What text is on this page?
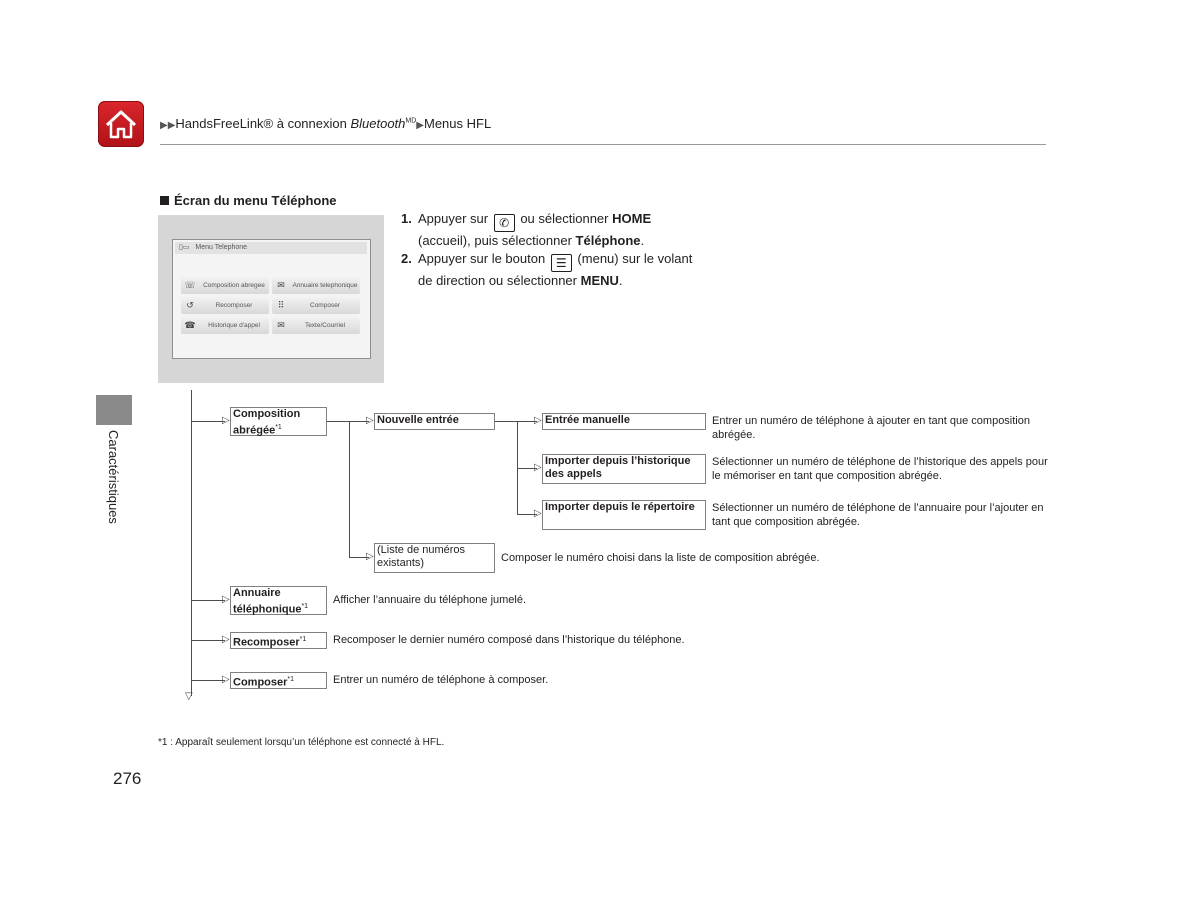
▶▶HandsFreeLink® à connexion Bluetooth$^{MD}$▶Menus HFL
Caractéristiques
Écran du menu Téléphone
1. Appuyer sur ✆ ou sélectionner HOME
(accueil), puis sélectionner Téléphone.
2. Appuyer sur le bouton ☰ (menu) sur le volant de direction ou sélectionner MENU.
▯▭ Menu Telephone
☏	Composition abregee	✉	Annuaire telephonique
↺	Recomposer	⠿	Composer
☎	Historique d'appel	✉	Texte/Courriel
▽
▷
▷
▷
▷
▷
▷
▷
▷
▷
Composition
abrégée$^{*1}$
Nouvelle entrée	Entrée manuelle	Entrer un numéro de téléphone à ajouter en tant que composition abrégée.
Importer depuis l’historique des appels
Sélectionner un numéro de téléphone de l’historique des appels pour le mémoriser en tant que composition abrégée.
Importer depuis le répertoire	Sélectionner un numéro de téléphone de l’annuaire pour l’ajouter en tant que composition abrégée.
(Liste de numéros existants)	Composer le numéro choisi dans la liste de composition abrégée.
Annuaire
téléphonique$^{*1}$
Afficher l’annuaire du téléphone jumelé.
Recomposer$^{*1}$	Recomposer le dernier numéro composé dans l’historique du téléphone.
Composer$^{*1}$	Entrer un numéro de téléphone à composer.
*1 : Apparaît seulement lorsqu’un téléphone est connecté à HFL.
276
